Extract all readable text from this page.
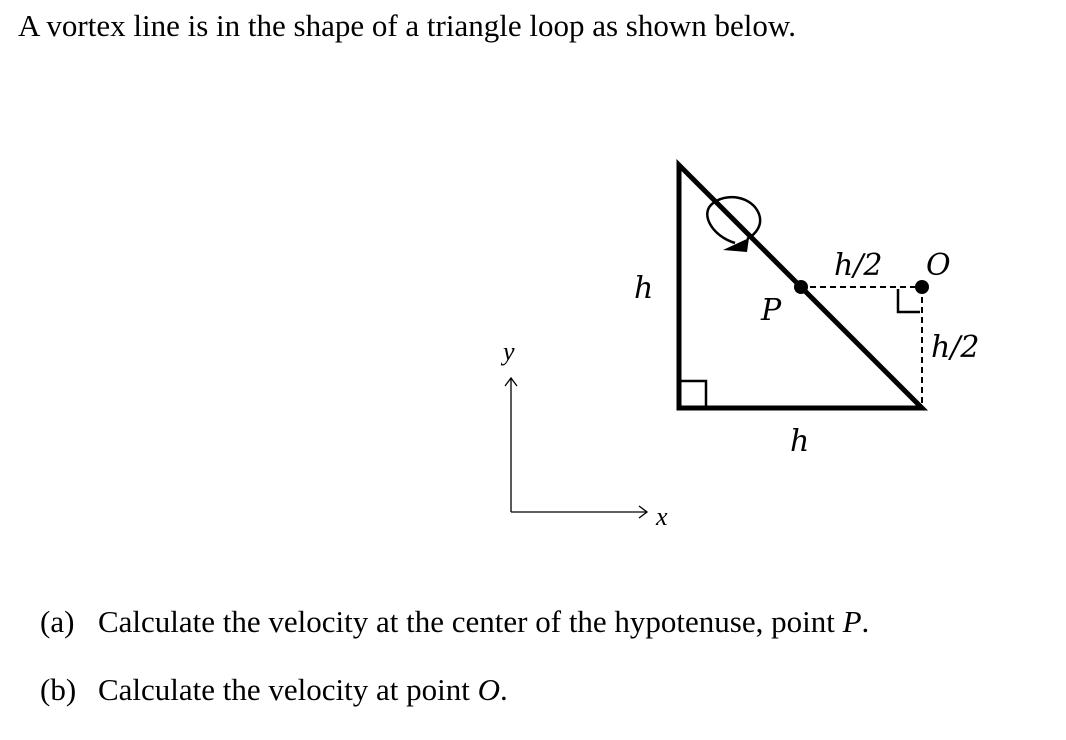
A vortex line is in the shape of a triangle loop as shown below.
h
h
P
h/2 O
h/2
y
x
(a) Calculate the velocity at the center of the hypotenuse, point P.
(b) Calculate the velocity at point O.
